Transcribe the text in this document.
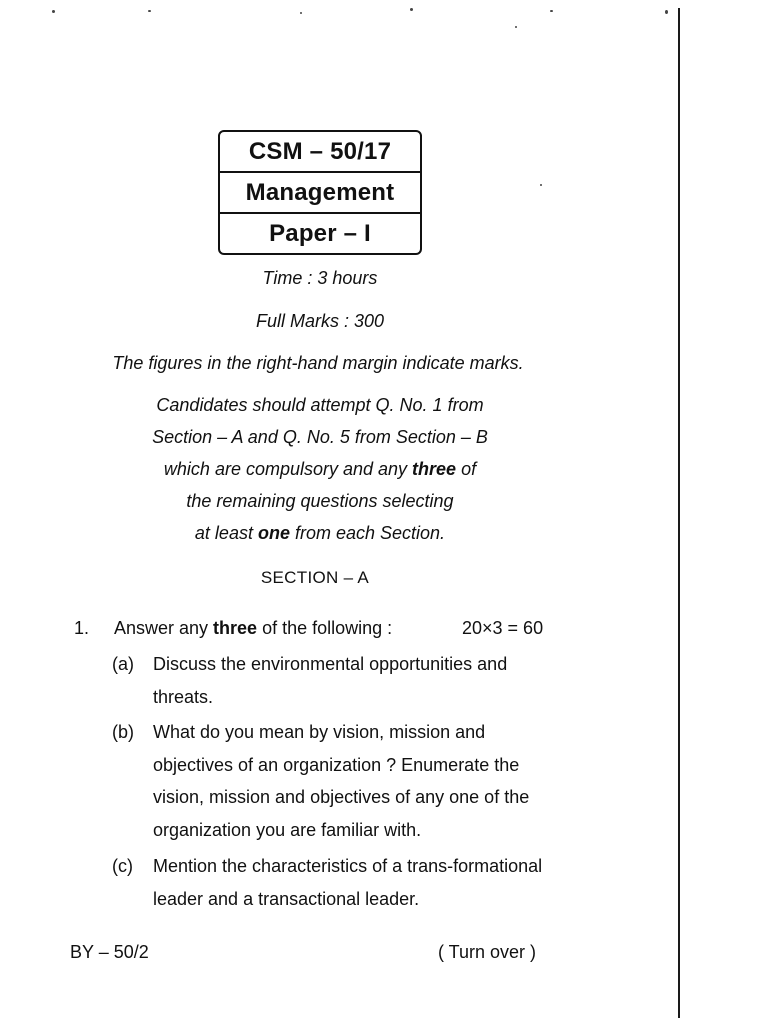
CSM – 50/17
Management
Paper – I
Time : 3 hours
Full Marks : 300
The figures in the right-hand margin indicate marks.
Candidates should attempt Q. No. 1 from
Section – A and Q. No. 5 from Section – B
which are compulsory and any three of
the remaining questions selecting
at least one from each Section.
SECTION – A
1. Answer any three of the following :	20×3 = 60
(a) Discuss the environmental opportunities and threats.
(b) What do you mean by vision, mission and objectives of an organization ? Enumerate the vision, mission and objectives of any one of the organization you are familiar with.
(c) Mention the characteristics of a trans-formational leader and a transactional leader.
BY – 50/2	( Turn over )
